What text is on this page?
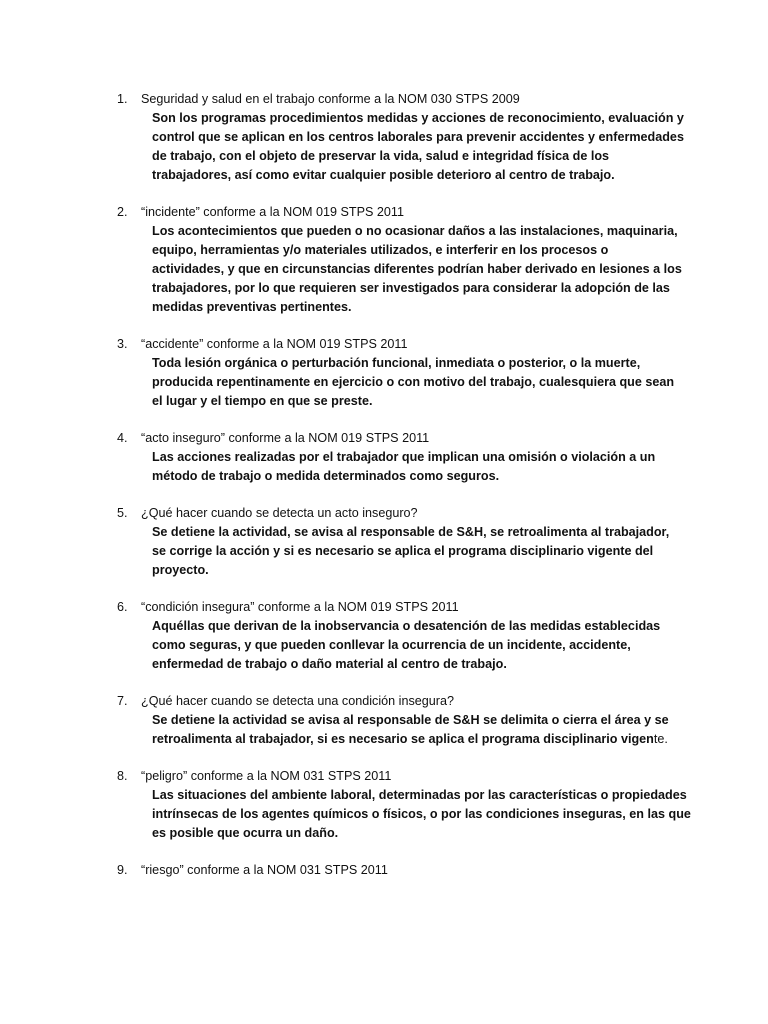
1. Seguridad y salud en el trabajo conforme a la NOM 030 STPS 2009
Son los programas procedimientos medidas y acciones de reconocimiento, evaluación y
control que se aplican en los centros laborales para prevenir accidentes y enfermedades
de trabajo, con el objeto de preservar la vida, salud e integridad física de los
trabajadores, así como evitar cualquier posible deterioro al centro de trabajo.
2. “incidente” conforme a la NOM 019 STPS 2011
Los acontecimientos que pueden o no ocasionar daños a las instalaciones, maquinaria,
equipo, herramientas y/o materiales utilizados, e interferir en los procesos o
actividades, y que en circunstancias diferentes podrían haber derivado en lesiones a los
trabajadores, por lo que requieren ser investigados para considerar la adopción de las
medidas preventivas pertinentes.
3. “accidente” conforme a la NOM 019 STPS 2011
Toda lesión orgánica o perturbación funcional, inmediata o posterior, o la muerte,
producida repentinamente en ejercicio o con motivo del trabajo, cualesquiera que sean
el lugar y el tiempo en que se preste.
4. “acto inseguro” conforme a la NOM 019 STPS 2011
Las acciones realizadas por el trabajador que implican una omisión o violación a un
método de trabajo o medida determinados como seguros.
5. ¿Qué hacer cuando se detecta un acto inseguro?
Se detiene la actividad, se avisa al responsable de S&H, se retroalimenta al trabajador,
se corrige la acción y si es necesario se aplica el programa disciplinario vigente del
proyecto.
6. “condición insegura” conforme a la NOM 019 STPS 2011
Aquéllas que derivan de la inobservancia o desatención de las medidas establecidas
como seguras, y que pueden conllevar la ocurrencia de un incidente, accidente,
enfermedad de trabajo o daño material al centro de trabajo.
7. ¿Qué hacer cuando se detecta una condición insegura?
Se detiene la actividad se avisa al responsable de S&H se delimita o cierra el área y se
retroalimenta al trabajador, si es necesario se aplica el programa disciplinario vigente.
8. “peligro” conforme a la NOM 031 STPS 2011
Las situaciones del ambiente laboral, determinadas por las características o propiedades
intrínsecas de los agentes químicos o físicos, o por las condiciones inseguras, en las que
es posible que ocurra un daño.
9. “riesgo” conforme a la NOM 031 STPS 2011
